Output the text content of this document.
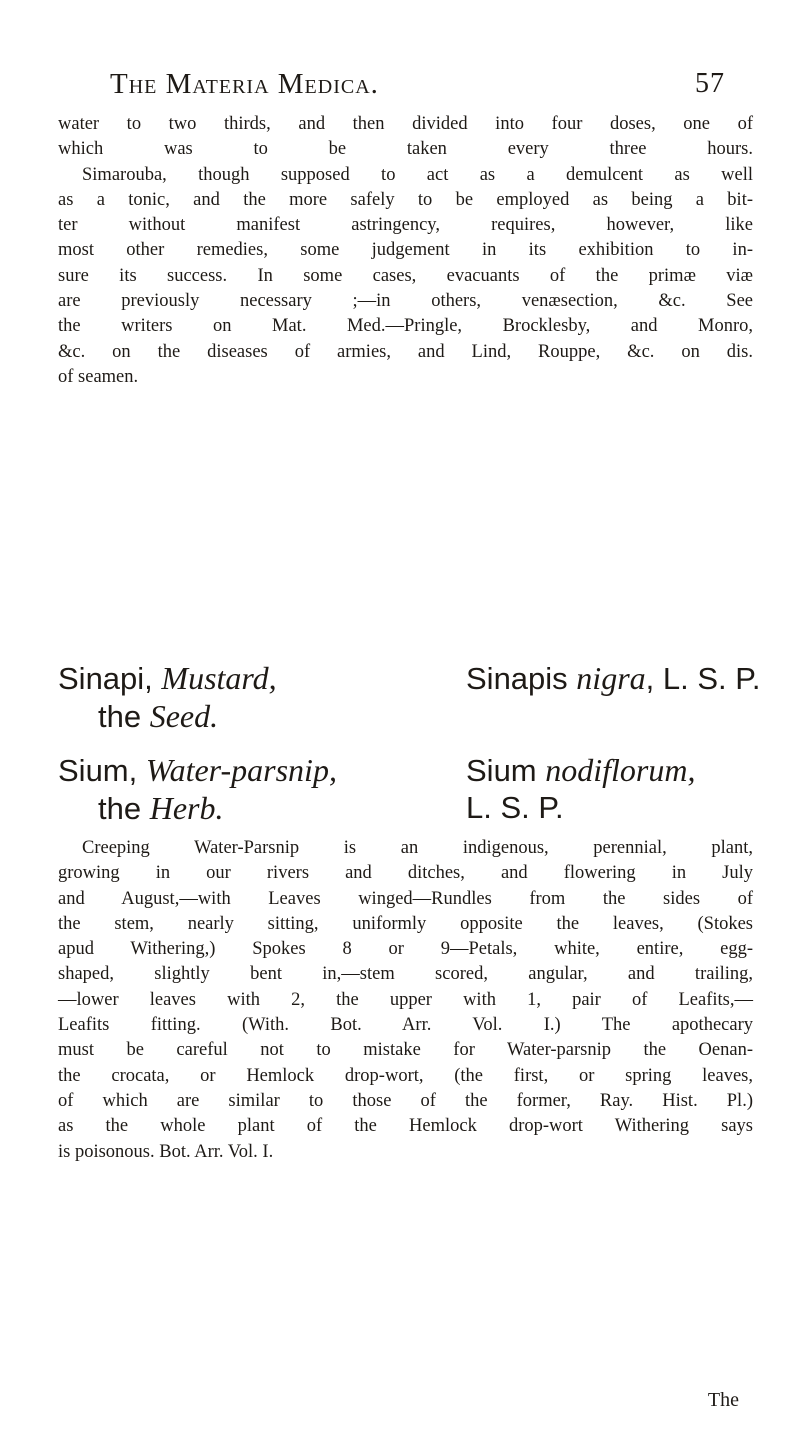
The Materia Medica.	57
water to two thirds, and then divided into four doses, one of
which was to be taken every three hours.
Simarouba, though supposed to act as a demulcent as well
as a tonic, and the more safely to be employed as being a bit-
ter without manifest astringency, requires, however, like
most other remedies, some judgement in its exhibition to in-
sure its success. In some cases, evacuants of the primæ viæ
are previously necessary ;—in others, venæsection, &c. See
the writers on Mat. Med.—Pringle, Brocklesby, and Monro,
&c. on the diseases of armies, and Lind, Rouppe, &c. on dis.
of seamen.
Sinapi, Mustard,	Sinapis nigra, L. S. P.
the Seed.
Sium, Water-parsnip,	Sium nodiflorum,
the Herb.	L. S. P.
Creeping Water-Parsnip is an indigenous, perennial, plant,
growing in our rivers and ditches, and flowering in July
and August,—with Leaves winged—Rundles from the sides of
the stem, nearly sitting, uniformly opposite the leaves, (Stokes
apud Withering,) Spokes 8 or 9—Petals, white, entire, egg-
shaped, slightly bent in,—stem scored, angular, and trailing,
—lower leaves with 2, the upper with 1, pair of Leafits,—
Leafits fitting. (With. Bot. Arr. Vol. I.) The apothecary
must be careful not to mistake for Water-parsnip the Oenan-
the crocata, or Hemlock drop-wort, (the first, or spring leaves,
of which are similar to those of the former, Ray. Hist. Pl.)
as the whole plant of the Hemlock drop-wort Withering says
is poisonous. Bot. Arr. Vol. I.
The
